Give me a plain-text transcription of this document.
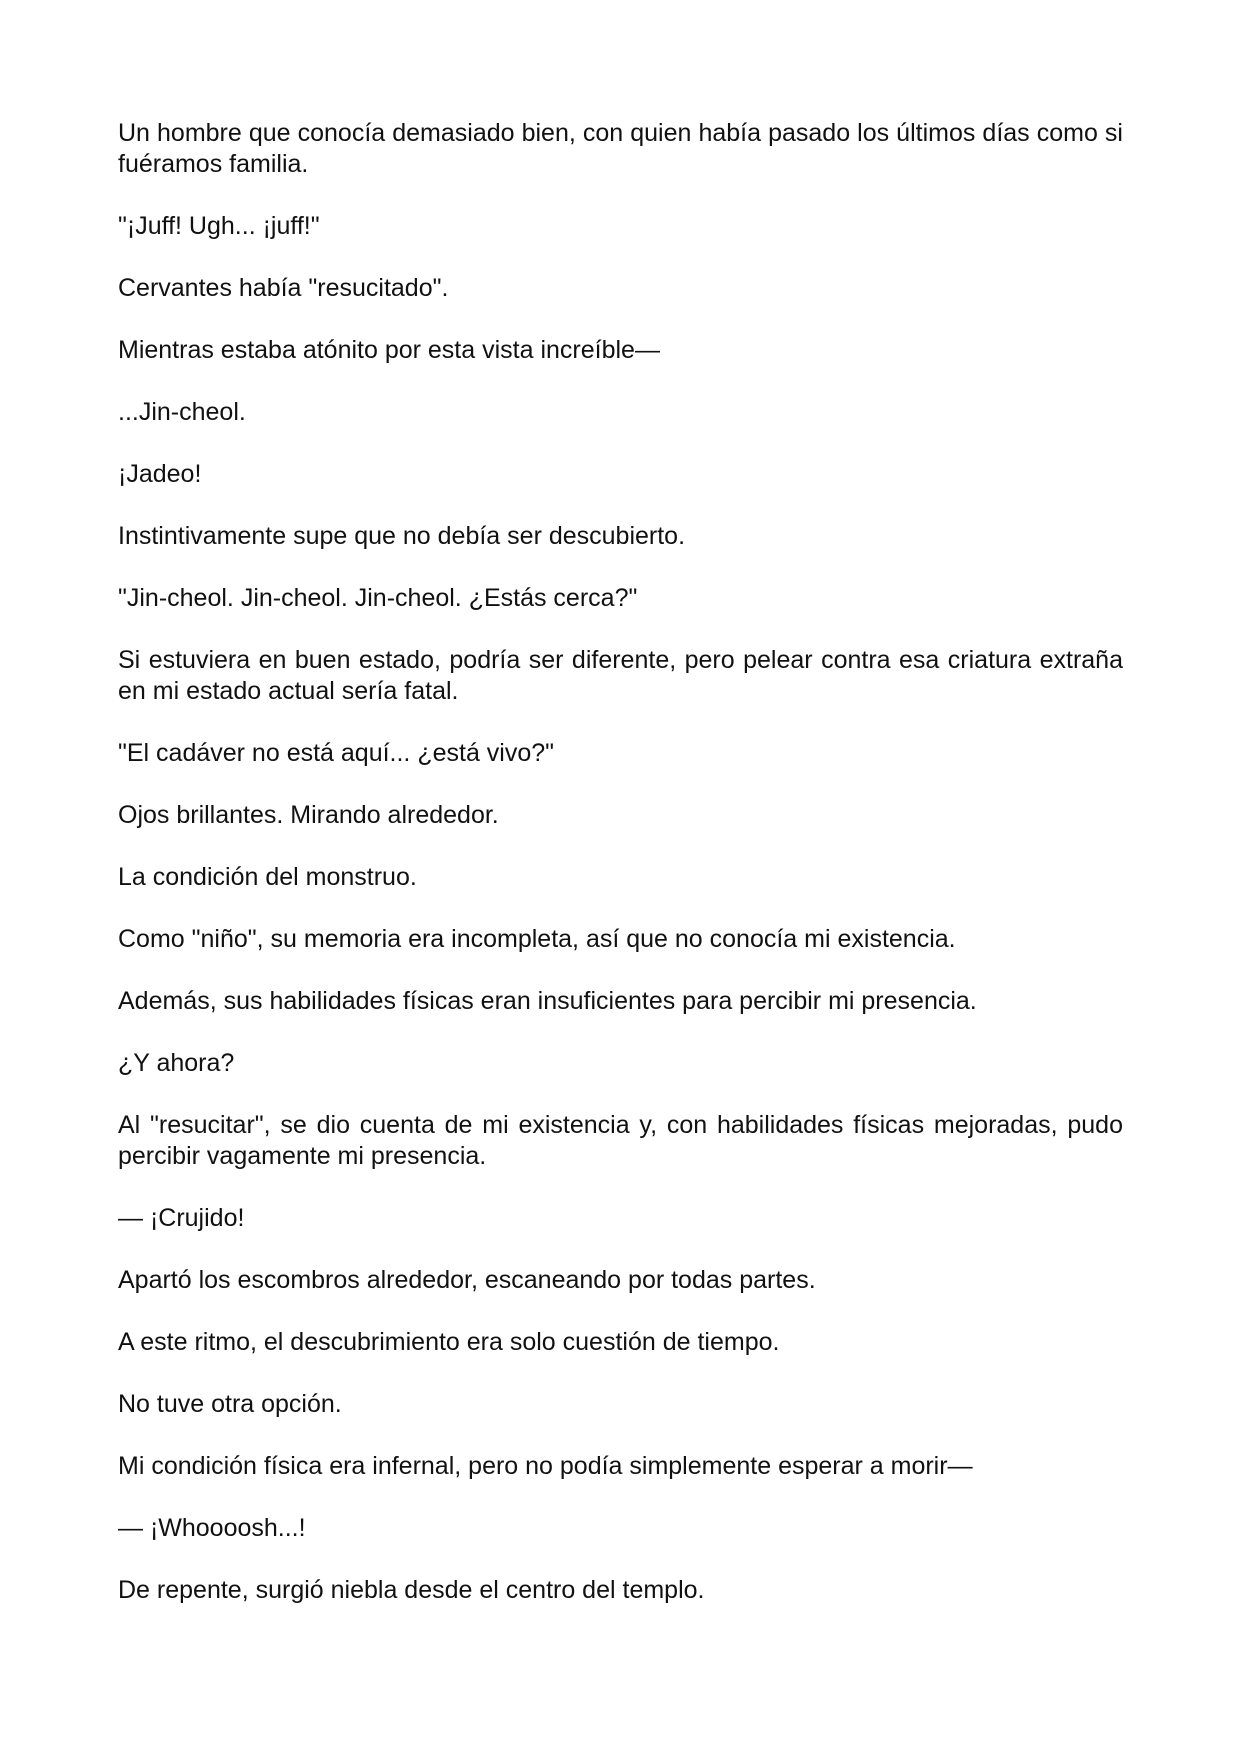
Un hombre que conocía demasiado bien, con quien había pasado los últimos días como si fuéramos familia.

"¡Juff! Ugh... ¡juff!"

Cervantes había "resucitado".

Mientras estaba atónito por esta vista increíble—

...Jin-cheol.

¡Jadeo!

Instintivamente supe que no debía ser descubierto.

"Jin-cheol. Jin-cheol. Jin-cheol. ¿Estás cerca?"

Si estuviera en buen estado, podría ser diferente, pero pelear contra esa criatura extraña en mi estado actual sería fatal.

"El cadáver no está aquí... ¿está vivo?"

Ojos brillantes. Mirando alrededor.

La condición del monstruo.

Como "niño", su memoria era incompleta, así que no conocía mi existencia.

Además, sus habilidades físicas eran insuficientes para percibir mi presencia.

¿Y ahora?

Al "resucitar", se dio cuenta de mi existencia y, con habilidades físicas mejoradas, pudo percibir vagamente mi presencia.

— ¡Crujido!

Apartó los escombros alrededor, escaneando por todas partes.

A este ritmo, el descubrimiento era solo cuestión de tiempo.

No tuve otra opción.

Mi condición física era infernal, pero no podía simplemente esperar a morir—

— ¡Whoooosh...!

De repente, surgió niebla desde el centro del templo.
